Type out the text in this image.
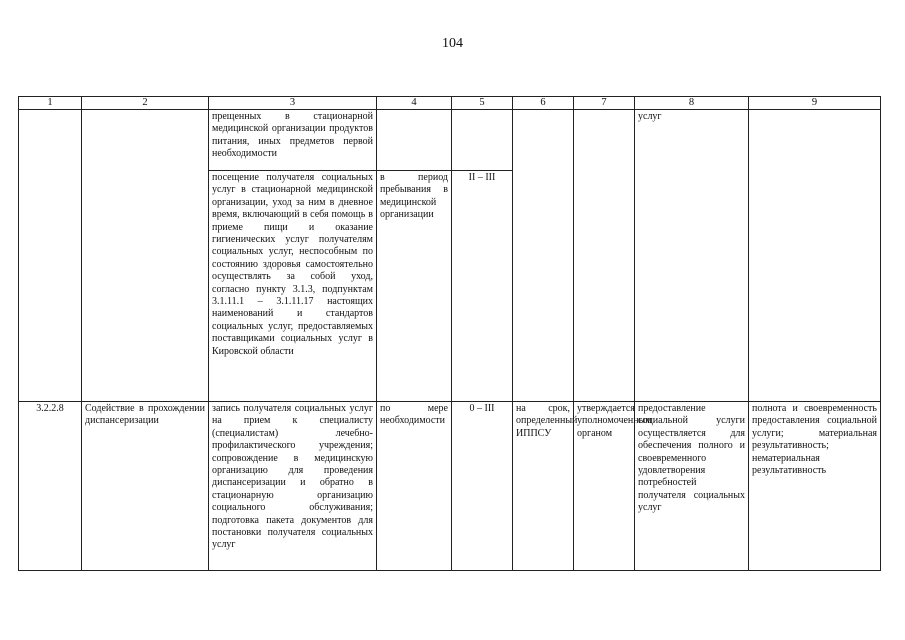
104
1	2	3	4	5	6	7	8	9
		прещенных в стационарной медицинской организации продуктов питания, иных предметов первой необходимости					услуг	
		посещение получателя социальных услуг в стационарной медицинской организации, уход за ним в дневное время, включающий в себя помощь в приеме пищи и оказание гигиенических услуг получателям социальных услуг, неспособным по состоянию здоровья самостоятельно осуществлять за собой уход, согласно пункту 3.1.3, подпунктам 3.1.11.1 – 3.1.11.17 настоящих наименований и стандартов социальных услуг, предоставляемых поставщиками социальных услуг в Кировской области	в период пребывания в медицинской организации	II – III				
3.2.2.8	Содействие в прохождении диспансеризации	запись получателя социальных услуг на прием к специалисту (специалистам) лечебно-профилактического учреждения; сопровождение в медицинскую организацию для проведения диспансеризации и обратно в стационарную организацию социального обслуживания; подготовка пакета документов для постановки получателя социальных услуг	по мере необходимости	0 – III	на срок, определенный ИППСУ	утверждается уполномоченным органом	предоставление социальной услуги осуществляется для обеспечения полного и своевременного удовлетворения потребностей получателя социальных услуг	полнота и своевременность предоставления социальной услуги; материальная результативность; нематериальная результативность
